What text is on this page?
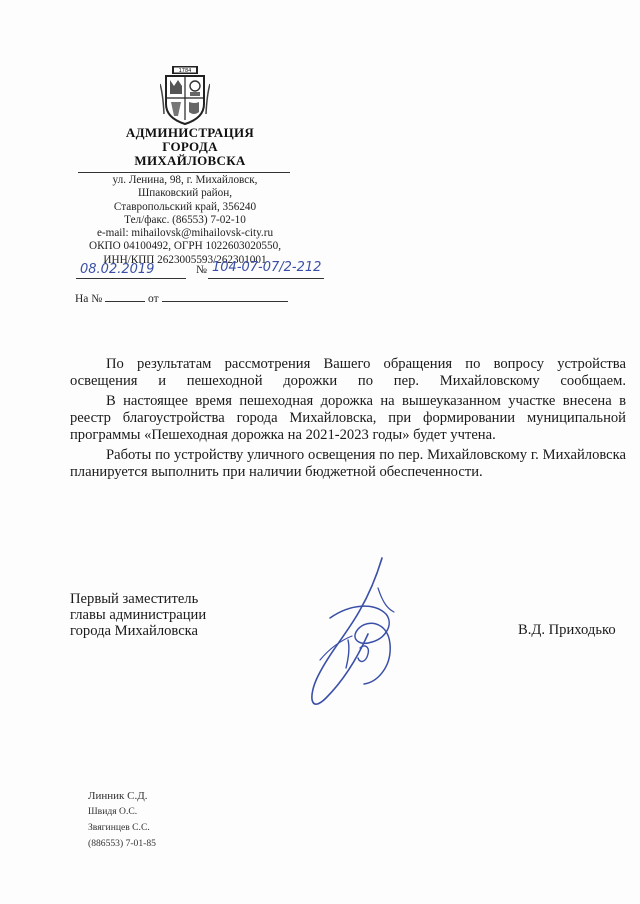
1784
АДМИНИСТРАЦИЯ
ГОРОДА
МИХАЙЛОВСКА
ул. Ленина, 98, г. Михайловск,
Шпаковский район,
Ставропольский край, 356240
Тел/факс. (86553) 7-02-10
e-mail: mihailovsk@mihailovsk-city.ru
ОКПО 04100492, ОГРН 1022603020550,
ИНН/КПП 2623005593/262301001
08.02.2019	№ 104-07-07/2-212
На №	от

По результатам рассмотрения Вашего обращения по вопросу устройства освещения и пешеходной дорожки по пер. Михайловскому сообщаем.

В настоящее время пешеходная дорожка на вышеуказанном участке внесена в реестр благоустройства города Михайловска, при формировании муниципальной программы «Пешеходная дорожка на 2021-2023 годы» будет учтена.

Работы по устройству уличного освещения по пер. Михайловскому г. Михайловска планируется выполнить при наличии бюджетной обеспеченности.

Первый заместитель
главы администрации
города Михайловска	В.Д. Приходько
Линник С.Д.
Швидя О.С.
Звягинцев С.С.
(886553) 7-01-85
